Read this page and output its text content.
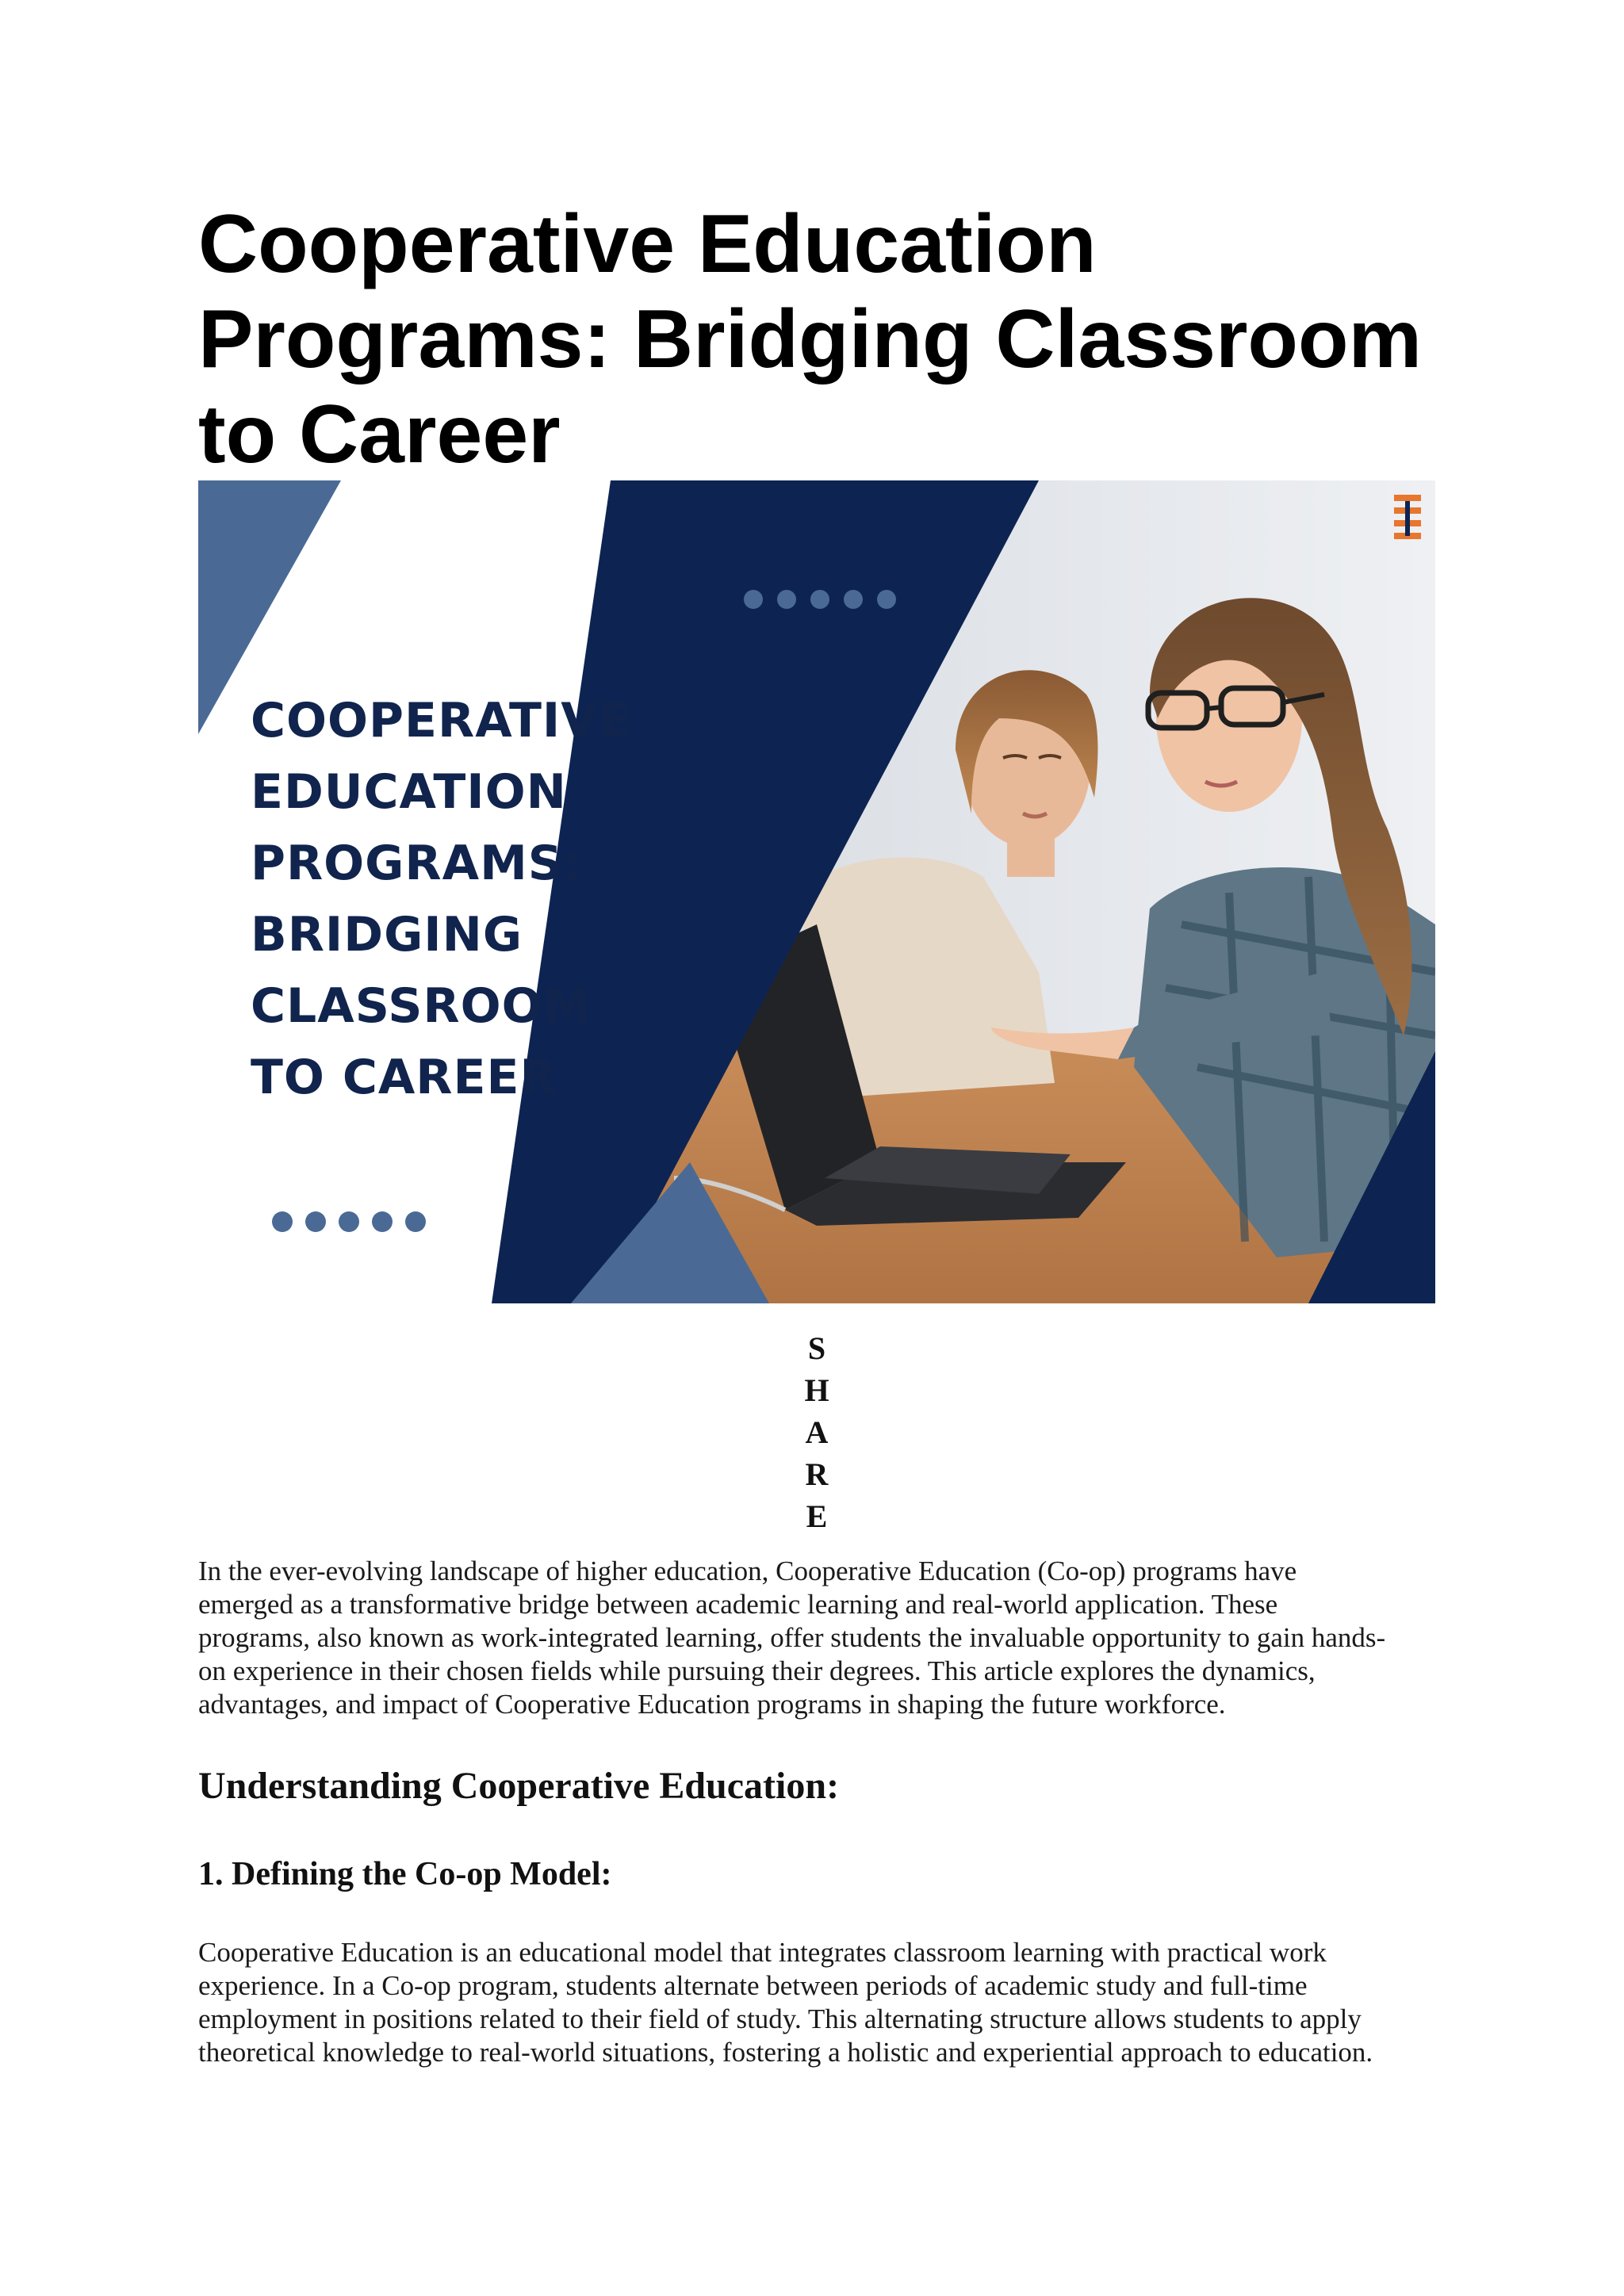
Cooperative Education
Programs: Bridging Classroom
to Career
COOPERATIVE
EDUCATION
PROGRAMS:
BRIDGING
CLASSROOM
TO CAREER
S
H
A
R
E

In the ever-evolving landscape of higher education, Cooperative Education (Co-op) programs have
emerged as a transformative bridge between academic learning and real-world application. These
programs, also known as work-integrated learning, offer students the invaluable opportunity to gain hands-
on experience in their chosen fields while pursuing their degrees. This article explores the dynamics,
advantages, and impact of Cooperative Education programs in shaping the future workforce.

Understanding Cooperative Education:
1. Defining the Co-op Model:

Cooperative Education is an educational model that integrates classroom learning with practical work
experience. In a Co-op program, students alternate between periods of academic study and full-time
employment in positions related to their field of study. This alternating structure allows students to apply
theoretical knowledge to real-world situations, fostering a holistic and experiential approach to education.
